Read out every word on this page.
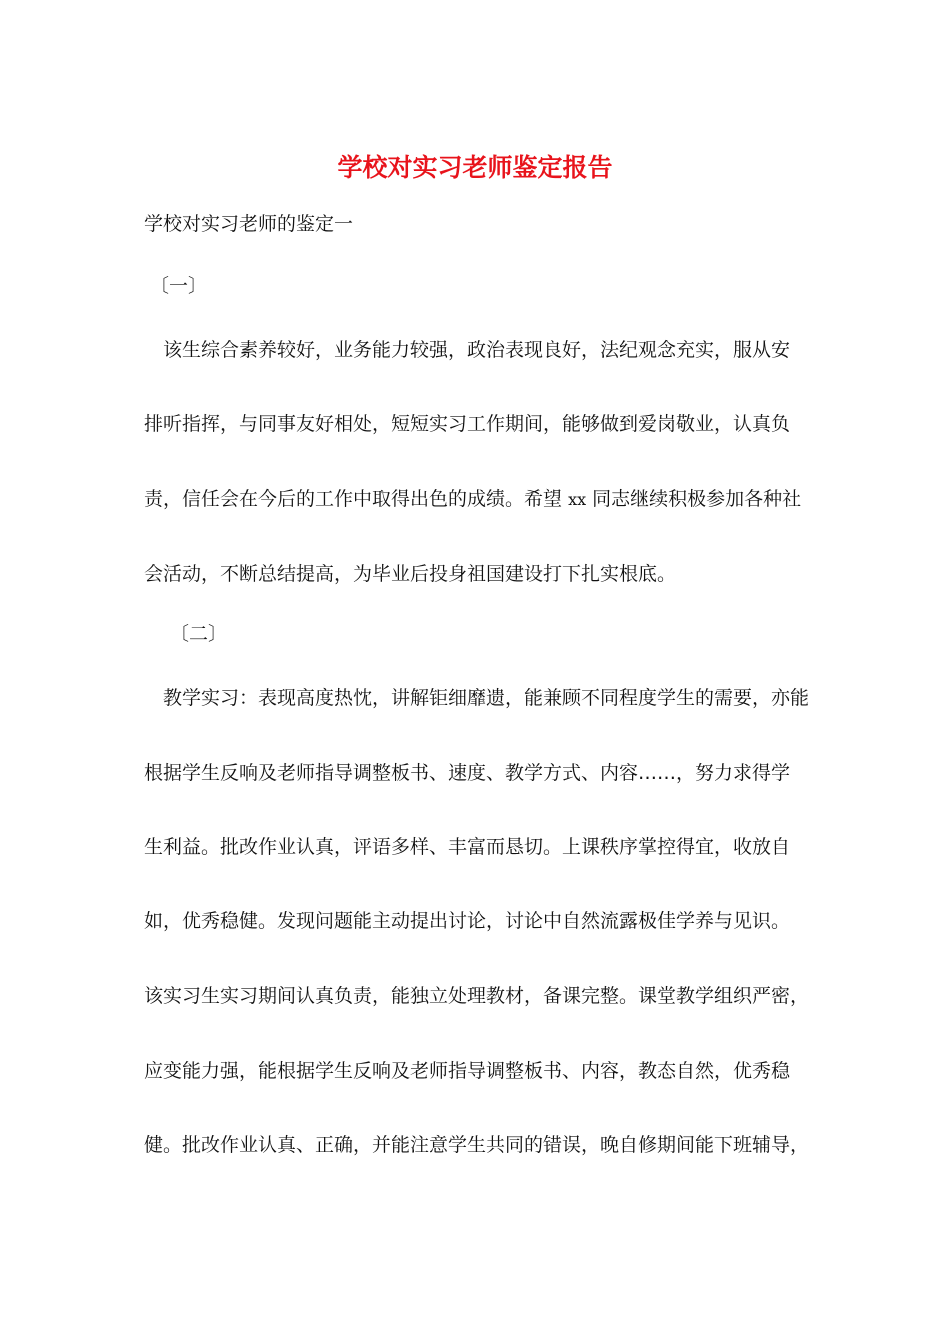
学校对实习老师鉴定报告
学校对实习老师的鉴定一
〔一〕
该生综合素养较好，业务能力较强，政治表现良好，法纪观念充实，服从安
排听指挥，与同事友好相处，短短实习工作期间，能够做到爱岗敬业，认真负
责，信任会在今后的工作中取得出色的成绩。希望 xx 同志继续积极参加各种社
会活动，不断总结提高，为毕业后投身祖国建设打下扎实根底。
〔二〕
教学实习：表现高度热忱，讲解钜细靡遗，能兼顾不同程度学生的需要，亦能
根据学生反响及老师指导调整板书、速度、教学方式、内容……，努力求得学
生利益。批改作业认真，评语多样、丰富而恳切。上课秩序掌控得宜，收放自
如，优秀稳健。发现问题能主动提出讨论，讨论中自然流露极佳学养与见识。
该实习生实习期间认真负责，能独立处理教材，备课完整。课堂教学组织严密，
应变能力强，能根据学生反响及老师指导调整板书、内容，教态自然，优秀稳
健。批改作业认真、正确，并能注意学生共同的错误，晚自修期间能下班辅导，
